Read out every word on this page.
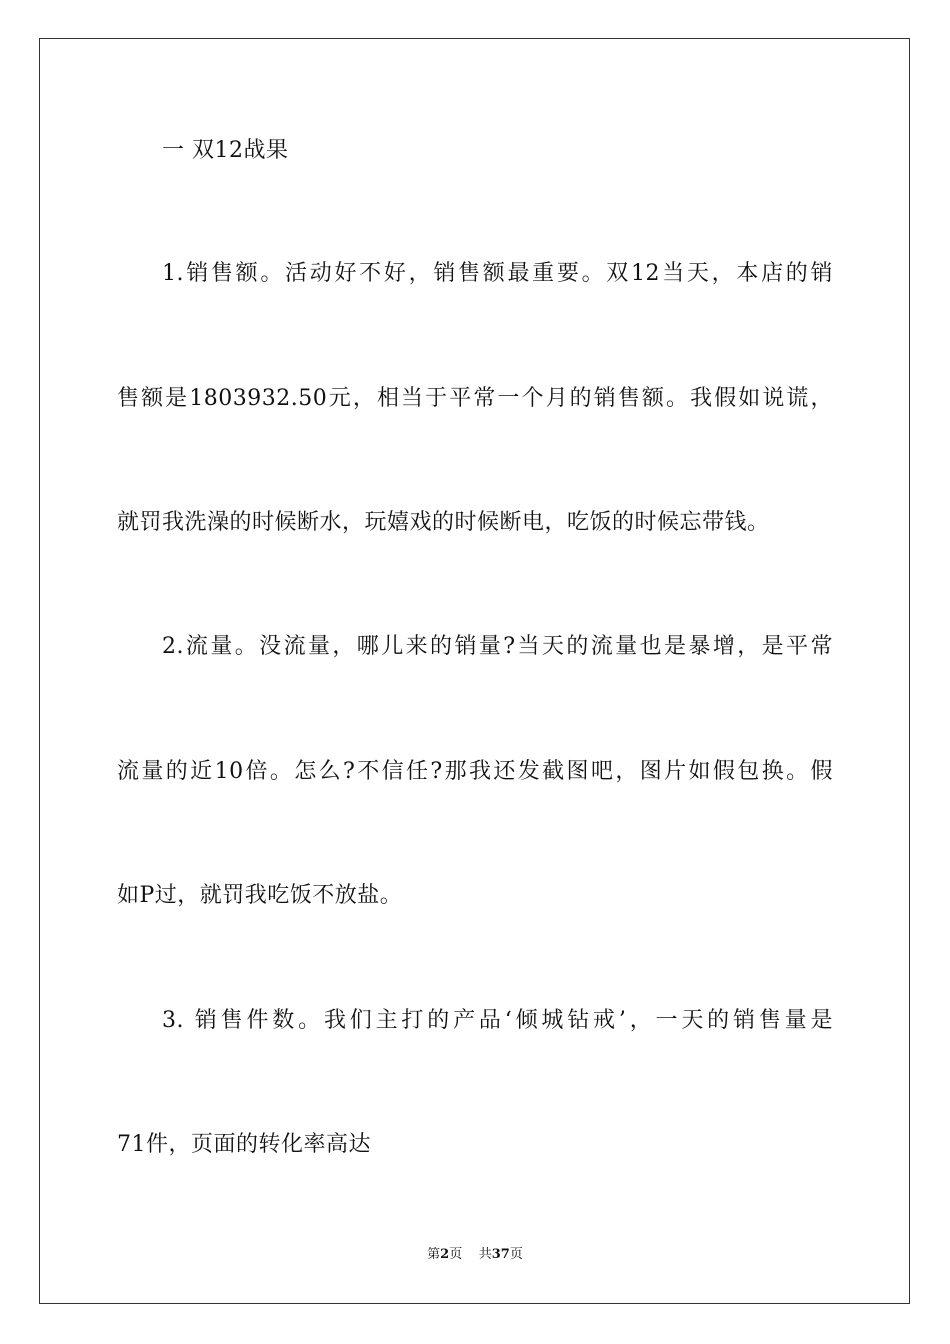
一 双12战果
1.销售额。活动好不好，销售额最重要。双12当天，本店的销
售额是1803932.50元，相当于平常一个月的销售额。我假如说谎，
就罚我洗澡的时候断水，玩嬉戏的时候断电，吃饭的时候忘带钱。
2.流量。没流量，哪儿来的销量?当天的流量也是暴增，是平常
流量的近10倍。怎么?不信任?那我还发截图吧，图片如假包换。假
如P过，就罚我吃饭不放盐。
3. 销售件数。我们主打的产品‘倾城钻戒’，一天的销售量是
71件，页面的转化率高达
第2页 共37页
